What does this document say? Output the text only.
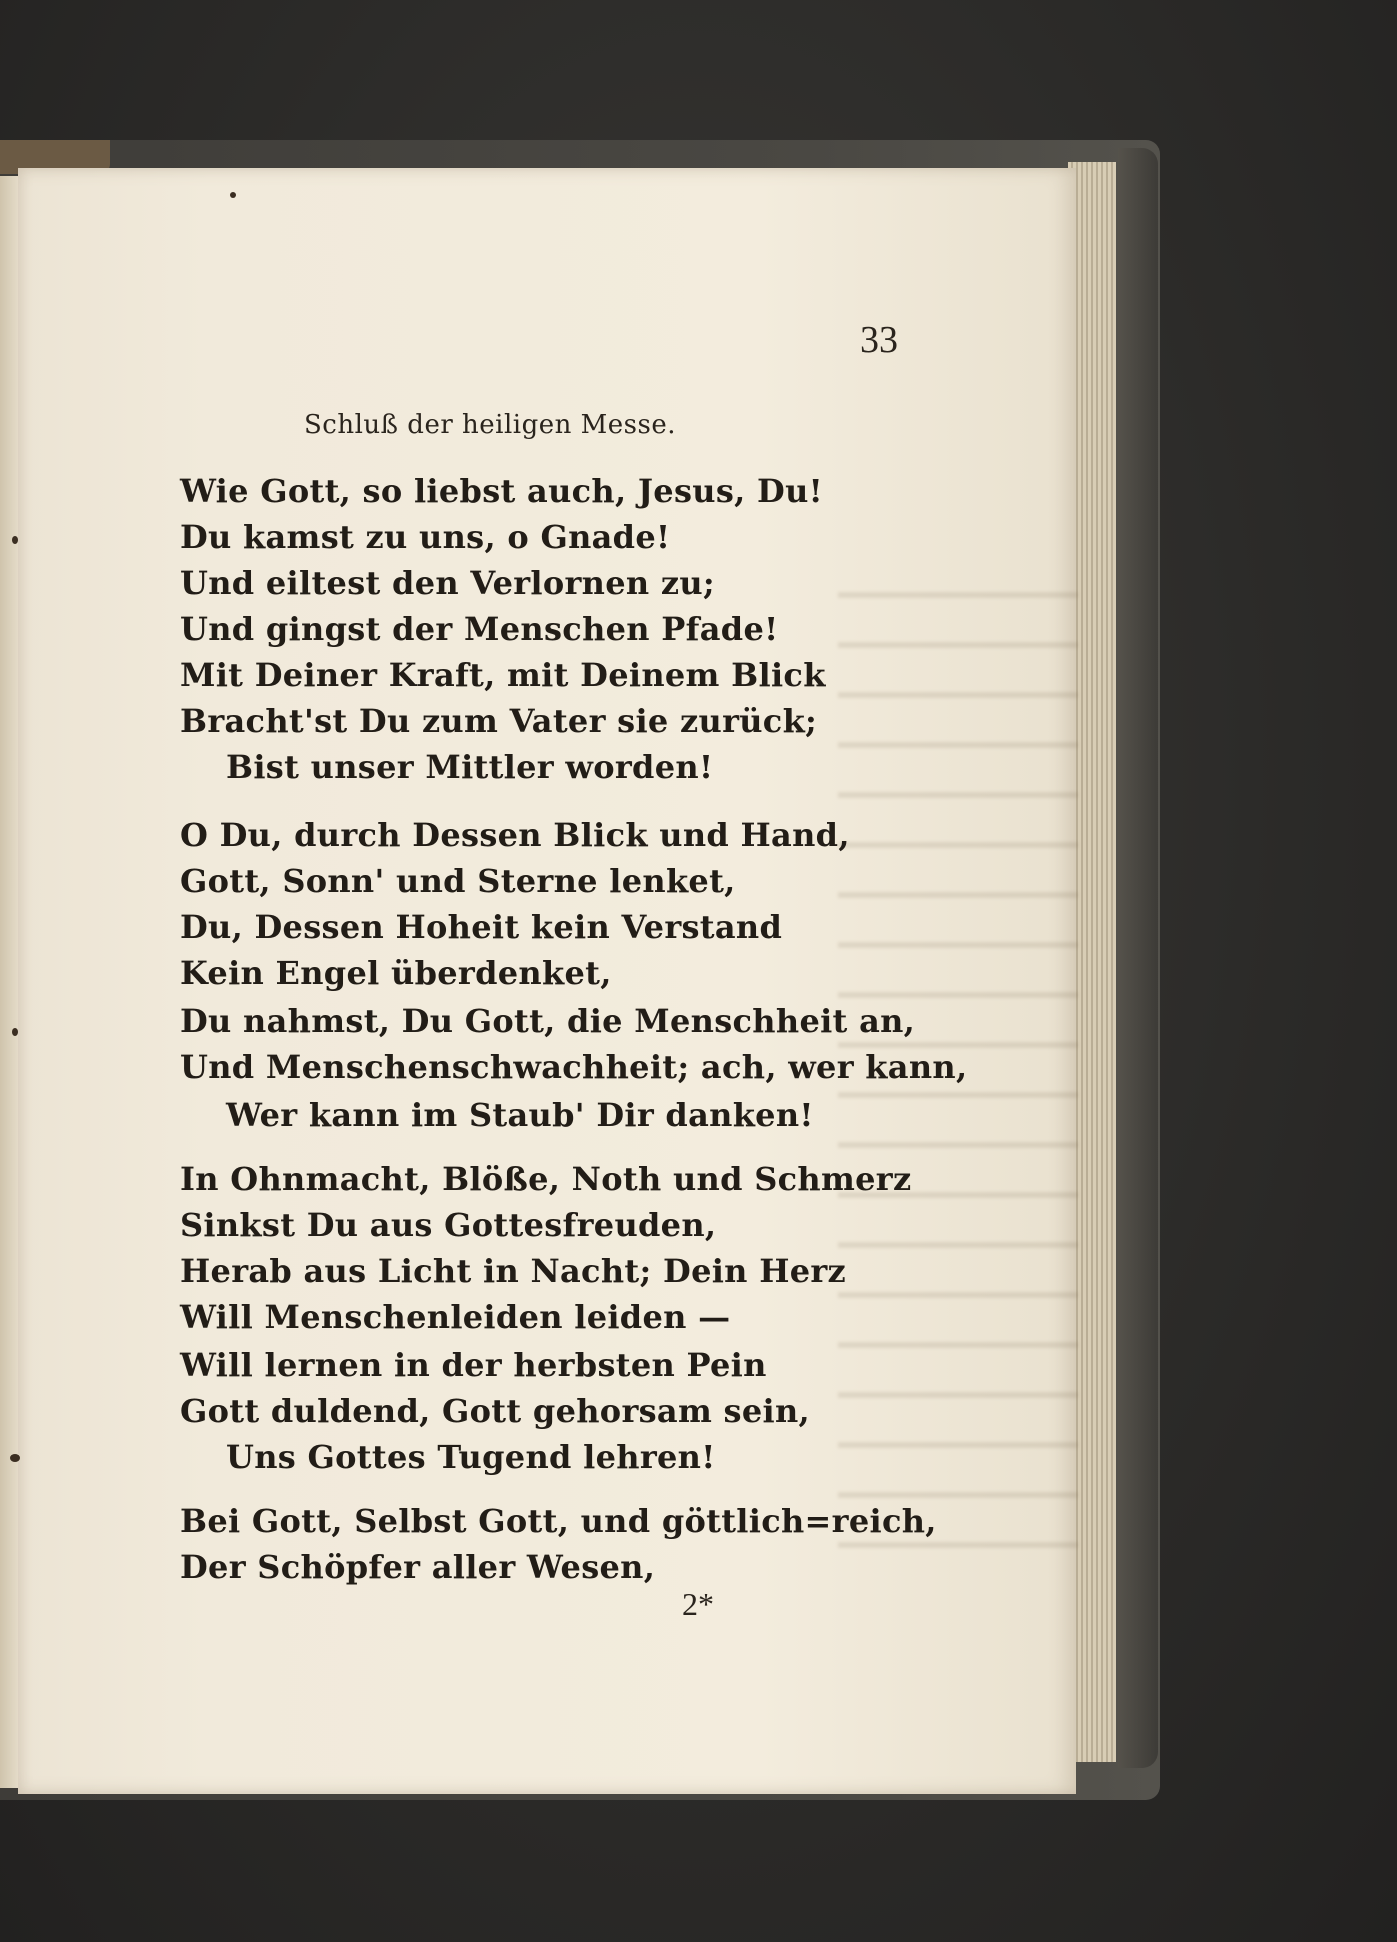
33
Schluß der heiligen Messe.
Wie Gott, so liebst auch, Jesus, Du!
Du kamst zu uns, o Gnade!
Und eiltest den Verlornen zu;
Und gingst der Menschen Pfade!
Mit Deiner Kraft, mit Deinem Blick
Bracht'st Du zum Vater sie zurück;
Bist unser Mittler worden!
O Du, durch Dessen Blick und Hand,
Gott, Sonn' und Sterne lenket,
Du, Dessen Hoheit kein Verstand
Kein Engel überdenket,
Du nahmst, Du Gott, die Menschheit an,
Und Menschenschwachheit; ach, wer kann,
Wer kann im Staub' Dir danken!
In Ohnmacht, Blöße, Noth und Schmerz
Sinkst Du aus Gottesfreuden,
Herab aus Licht in Nacht; Dein Herz
Will Menschenleiden leiden —
Will lernen in der herbsten Pein
Gott duldend, Gott gehorsam sein,
Uns Gottes Tugend lehren!
Bei Gott, Selbst Gott, und göttlich=reich,
Der Schöpfer aller Wesen,
2*
